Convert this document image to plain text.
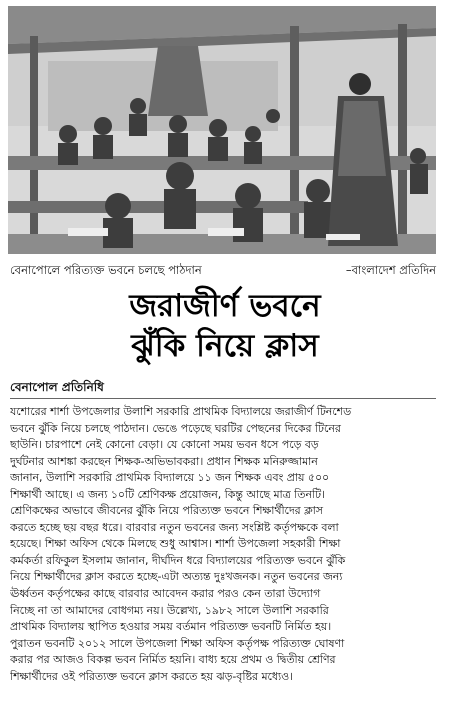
বেনাপোলে পরিত্যক্ত ভবনে চলছে পাঠদান	–বাংলাদেশ প্রতিদিন
জরাজীর্ণ ভবনে
ঝুঁকি নিয়ে ক্লাস
বেনাপোল প্রতিনিধি
যশোরের শার্শা উপজেলার উলাশি সরকারি প্রাথমিক বিদ্যালয়ে জরাজীর্ণ টিনশেড
ভবনে ঝুঁকি নিয়ে চলছে পাঠদান। ভেঙে পড়েছে ঘরটির পেছনের দিকের টিনের
ছাউনি। চারপাশে নেই কোনো বেড়া। যে কোনো সময় ভবন ধসে পড়ে বড়
দুর্ঘটনার আশঙ্কা করছেন শিক্ষক-অভিভাবকরা। প্রধান শিক্ষক মনিরুজ্জামান
জানান, উলাশি সরকারি প্রাথমিক বিদ্যালয়ে ১১ জন শিক্ষক এবং প্রায় ৫০০
শিক্ষার্থী আছে। এ জন্য ১০টি শ্রেণিকক্ষ প্রয়োজন, কিন্তু আছে মাত্র তিনটি।
শ্রেণিকক্ষের অভাবে জীবনের ঝুঁকি নিয়ে পরিত্যক্ত ভবনে শিক্ষার্থীদের ক্লাস
করতে হচ্ছে ছয় বছর ধরে। বারবার নতুন ভবনের জন্য সংশ্লিষ্ট কর্তৃপক্ষকে বলা
হয়েছে। শিক্ষা অফিস থেকে মিলছে শুধু আশ্বাস। শার্শা উপজেলা সহকারী শিক্ষা
কর্মকর্তা রফিকুল ইসলাম জানান, দীর্ঘদিন ধরে বিদ্যালয়ের পরিত্যক্ত ভবনে ঝুঁকি
নিয়ে শিক্ষার্থীদের ক্লাস করতে হচ্ছে-এটা অত্যন্ত দুঃখজনক। নতুন ভবনের জন্য
ঊর্ধ্বতন কর্তৃপক্ষের কাছে বারবার আবেদন করার পরও কেন তারা উদ্যোগ
নিচ্ছে না তা আমাদের বোধগম্য নয়। উল্লেখ্য, ১৯৮২ সালে উলাশি সরকারি
প্রাথমিক বিদ্যালয় স্থাপিত হওয়ার সময় বর্তমান পরিত্যক্ত ভবনটি নির্মিত হয়।
পুরাতন ভবনটি ২০১২ সালে উপজেলা শিক্ষা অফিস কর্তৃপক্ষ পরিত্যক্ত ঘোষণা
করার পর আজও বিকল্প ভবন নির্মিত হয়নি। বাধ্য হয়ে প্রথম ও দ্বিতীয় শ্রেণির
শিক্ষার্থীদের ওই পরিত্যক্ত ভবনে ক্লাস করতে হয় ঝড়-বৃষ্টির মধ্যেও।
